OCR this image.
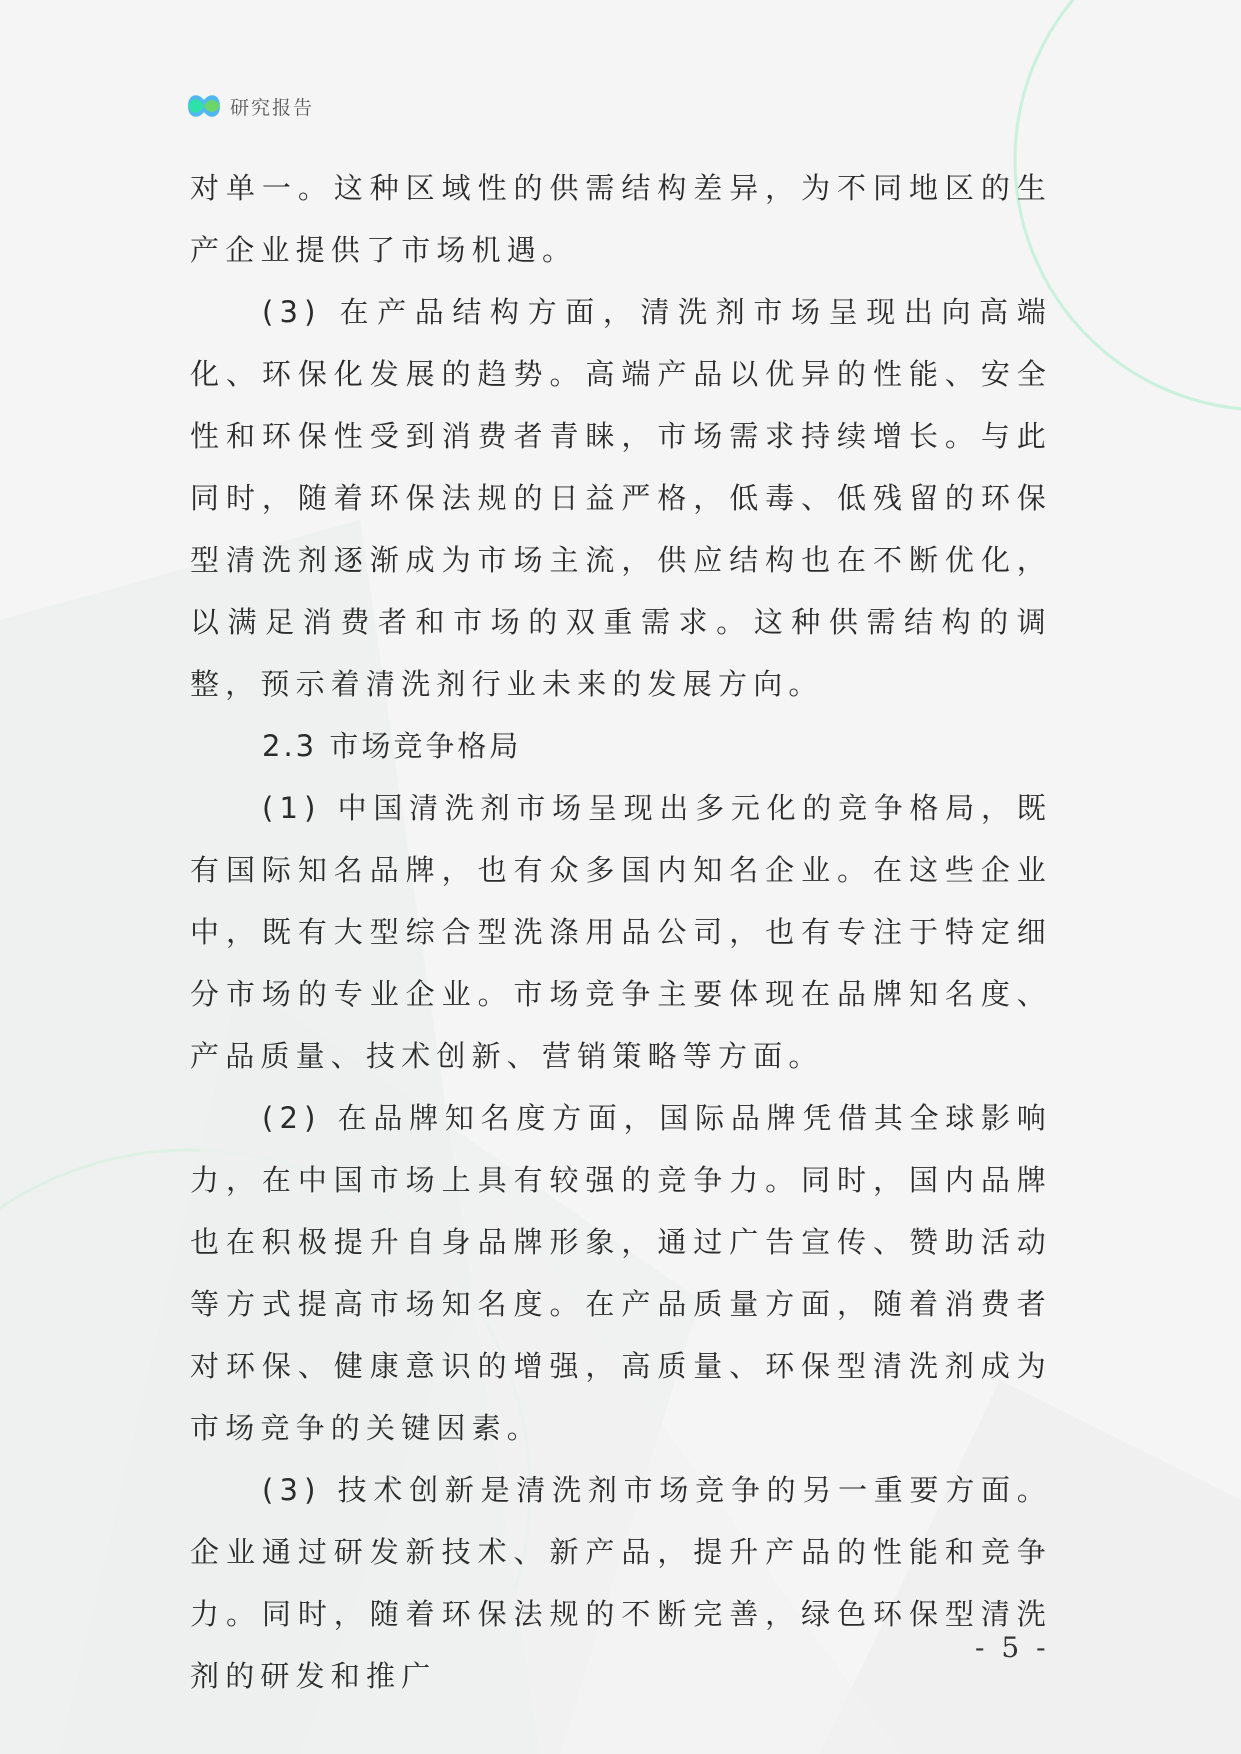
研究报告

对单一。这种区域性的供需结构差异，为不同地区的生产企业提供了市场机遇。

(3) 在产品结构方面，清洗剂市场呈现出向高端化、环保化发展的趋势。高端产品以优异的性能、安全性和环保性受到消费者青睐，市场需求持续增长。与此同时，随着环保法规的日益严格，低毒、低残留的环保型清洗剂逐渐成为市场主流，供应结构也在不断优化，以满足消费者和市场的双重需求。这种供需结构的调整，预示着清洗剂行业未来的发展方向。

2.3 市场竞争格局

(1) 中国清洗剂市场呈现出多元化的竞争格局，既有国际知名品牌，也有众多国内知名企业。在这些企业中，既有大型综合型洗涤用品公司，也有专注于特定细分市场的专业企业。市场竞争主要体现在品牌知名度、产品质量、技术创新、营销策略等方面。

(2) 在品牌知名度方面，国际品牌凭借其全球影响力，在中国市场上具有较强的竞争力。同时，国内品牌也在积极提升自身品牌形象，通过广告宣传、赞助活动等方式提高市场知名度。在产品质量方面，随着消费者对环保、健康意识的增强，高质量、环保型清洗剂成为市场竞争的关键因素。

(3) 技术创新是清洗剂市场竞争的另一重要方面。企业通过研发新技术、新产品，提升产品的性能和竞争力。同时，随着环保法规的不断完善，绿色环保型清洗剂的研发和推广

- 5 -
